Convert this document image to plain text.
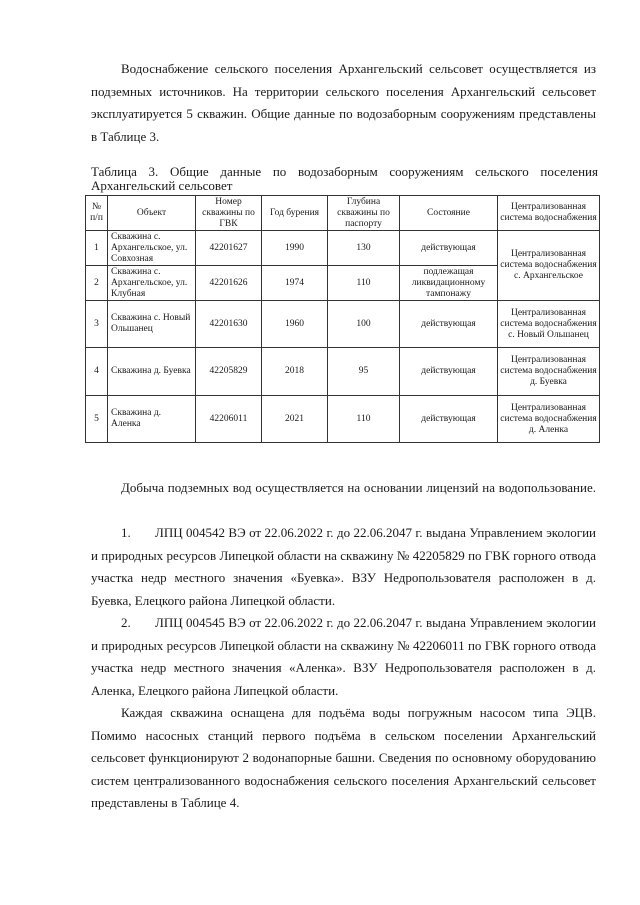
Водоснабжение сельского поселения Архангельский сельсовет осуществляется из подземных источников. На территории сельского поселения Архангельский сельсовет эксплуатируется 5 скважин. Общие данные по водозаборным сооружениям представлены в Таблице 3.

Таблица 3. Общие данные по водозаборным сооружениям сельского поселения Архангельский сельсовет

№ п/п	Объект	Номер скважины по ГВК	Год бурения	Глубина скважины по паспорту	Состояние	Централизованная система водоснабжения
1	Скважина с. Архангельское, ул. Совхозная	42201627	1990	130	действующая	Централизованная система водоснабжения с. Архангельское
2	Скважина с. Архангельское, ул. Клубная	42201626	1974	110	подлежащая ликвидационному тампонажу	
3	Скважина с. Новый Ольшанец	42201630	1960	100	действующая	Централизованная система водоснабжения с. Новый Ольшанец
4	Скважина д. Буевка	42205829	2018	95	действующая	Централизованная система водоснабжения д. Буевка
5	Скважина д. Аленка	42206011	2021	110	действующая	Централизованная система водоснабжения д. Аленка

Добыча подземных вод осуществляется на основании лицензий на водопользование.

1. ЛПЦ 004542 ВЭ от 22.06.2022 г. до 22.06.2047 г. выдана Управлением экологии и природных ресурсов Липецкой области на скважину № 42205829 по ГВК горного отвода участка недр местного значения «Буевка». ВЗУ Недропользователя расположен в д. Буевка, Елецкого района Липецкой области.

2. ЛПЦ 004545 ВЭ от 22.06.2022 г. до 22.06.2047 г. выдана Управлением экологии и природных ресурсов Липецкой области на скважину № 42206011 по ГВК горного отвода участка недр местного значения «Аленка». ВЗУ Недропользователя расположен в д. Аленка, Елецкого района Липецкой области.

Каждая скважина оснащена для подъёма воды погружным насосом типа ЭЦВ. Помимо насосных станций первого подъёма в сельском поселении Архангельский сельсовет функционируют 2 водонапорные башни. Сведения по основному оборудованию систем централизованного водоснабжения сельского поселения Архангельский сельсовет представлены в Таблице 4.
